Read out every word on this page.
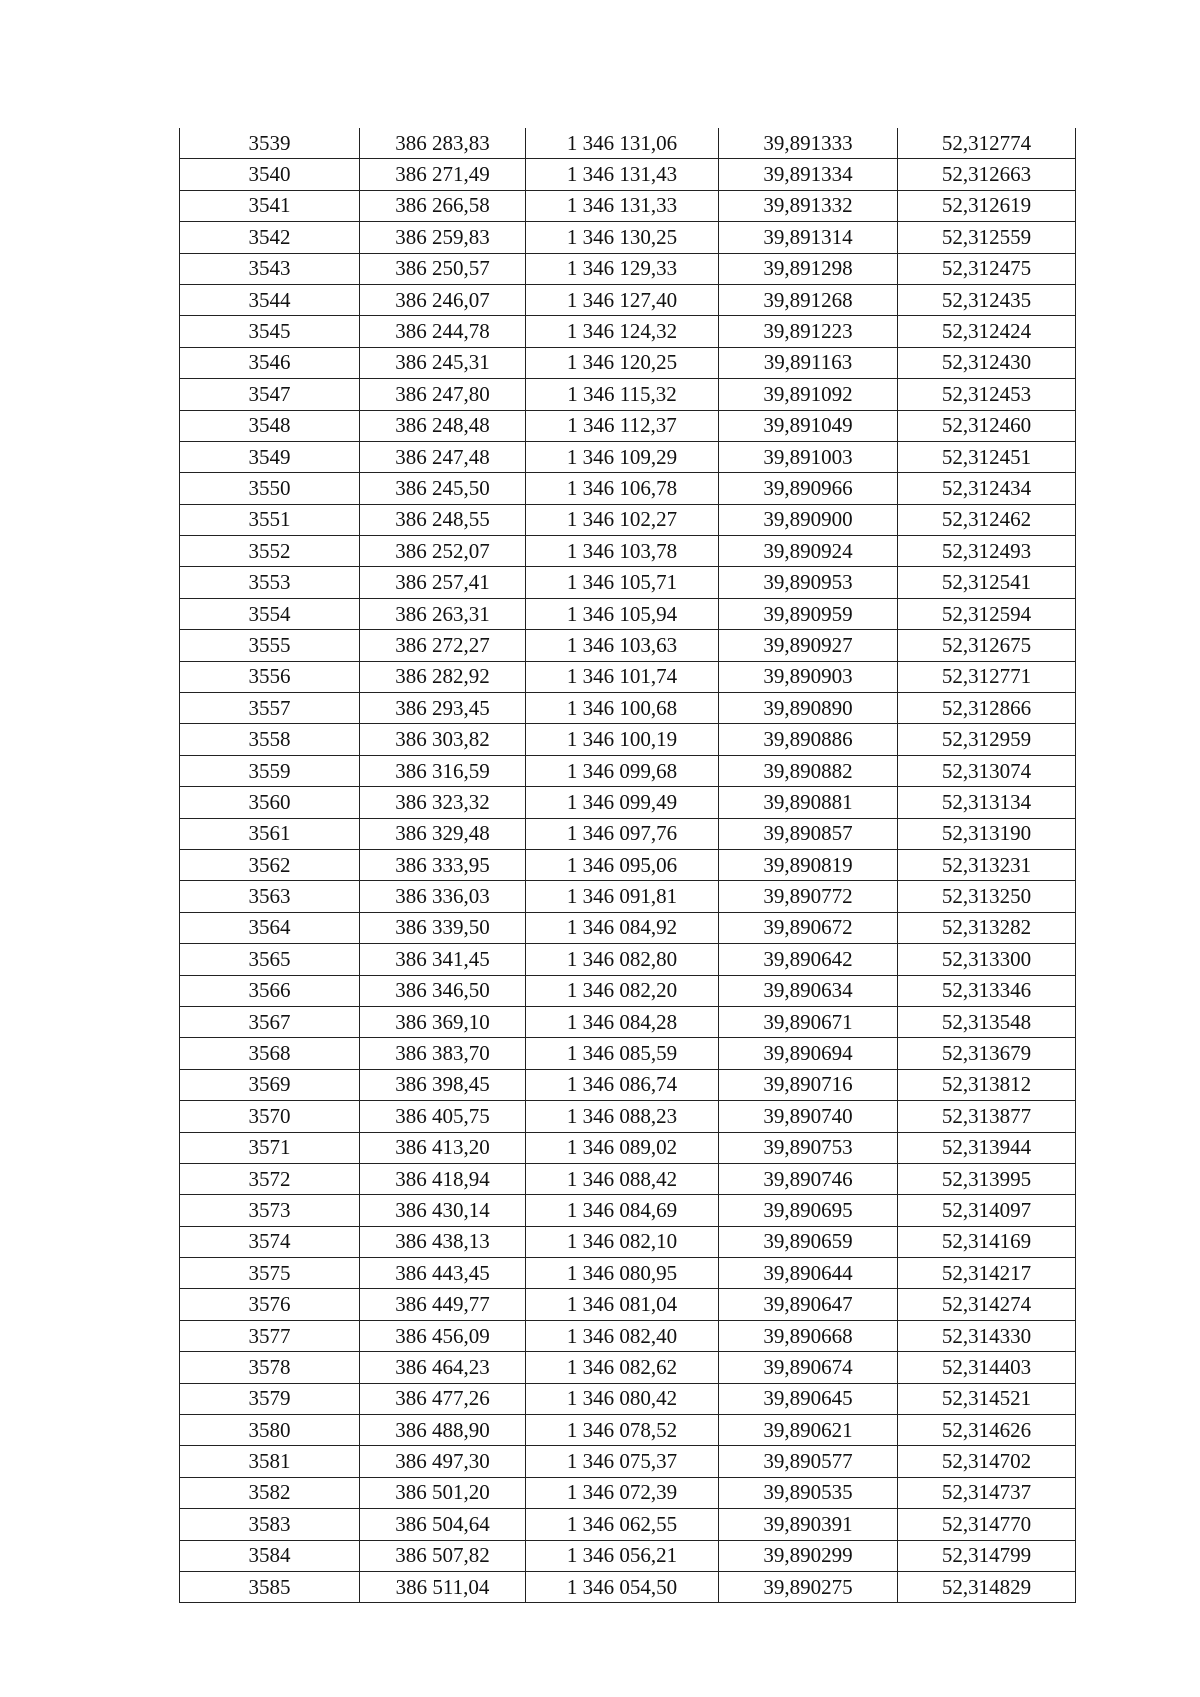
3539	386 283,83	1 346 131,06	39,891333	52,312774
3540	386 271,49	1 346 131,43	39,891334	52,312663
3541	386 266,58	1 346 131,33	39,891332	52,312619
3542	386 259,83	1 346 130,25	39,891314	52,312559
3543	386 250,57	1 346 129,33	39,891298	52,312475
3544	386 246,07	1 346 127,40	39,891268	52,312435
3545	386 244,78	1 346 124,32	39,891223	52,312424
3546	386 245,31	1 346 120,25	39,891163	52,312430
3547	386 247,80	1 346 115,32	39,891092	52,312453
3548	386 248,48	1 346 112,37	39,891049	52,312460
3549	386 247,48	1 346 109,29	39,891003	52,312451
3550	386 245,50	1 346 106,78	39,890966	52,312434
3551	386 248,55	1 346 102,27	39,890900	52,312462
3552	386 252,07	1 346 103,78	39,890924	52,312493
3553	386 257,41	1 346 105,71	39,890953	52,312541
3554	386 263,31	1 346 105,94	39,890959	52,312594
3555	386 272,27	1 346 103,63	39,890927	52,312675
3556	386 282,92	1 346 101,74	39,890903	52,312771
3557	386 293,45	1 346 100,68	39,890890	52,312866
3558	386 303,82	1 346 100,19	39,890886	52,312959
3559	386 316,59	1 346 099,68	39,890882	52,313074
3560	386 323,32	1 346 099,49	39,890881	52,313134
3561	386 329,48	1 346 097,76	39,890857	52,313190
3562	386 333,95	1 346 095,06	39,890819	52,313231
3563	386 336,03	1 346 091,81	39,890772	52,313250
3564	386 339,50	1 346 084,92	39,890672	52,313282
3565	386 341,45	1 346 082,80	39,890642	52,313300
3566	386 346,50	1 346 082,20	39,890634	52,313346
3567	386 369,10	1 346 084,28	39,890671	52,313548
3568	386 383,70	1 346 085,59	39,890694	52,313679
3569	386 398,45	1 346 086,74	39,890716	52,313812
3570	386 405,75	1 346 088,23	39,890740	52,313877
3571	386 413,20	1 346 089,02	39,890753	52,313944
3572	386 418,94	1 346 088,42	39,890746	52,313995
3573	386 430,14	1 346 084,69	39,890695	52,314097
3574	386 438,13	1 346 082,10	39,890659	52,314169
3575	386 443,45	1 346 080,95	39,890644	52,314217
3576	386 449,77	1 346 081,04	39,890647	52,314274
3577	386 456,09	1 346 082,40	39,890668	52,314330
3578	386 464,23	1 346 082,62	39,890674	52,314403
3579	386 477,26	1 346 080,42	39,890645	52,314521
3580	386 488,90	1 346 078,52	39,890621	52,314626
3581	386 497,30	1 346 075,37	39,890577	52,314702
3582	386 501,20	1 346 072,39	39,890535	52,314737
3583	386 504,64	1 346 062,55	39,890391	52,314770
3584	386 507,82	1 346 056,21	39,890299	52,314799
3585	386 511,04	1 346 054,50	39,890275	52,314829
